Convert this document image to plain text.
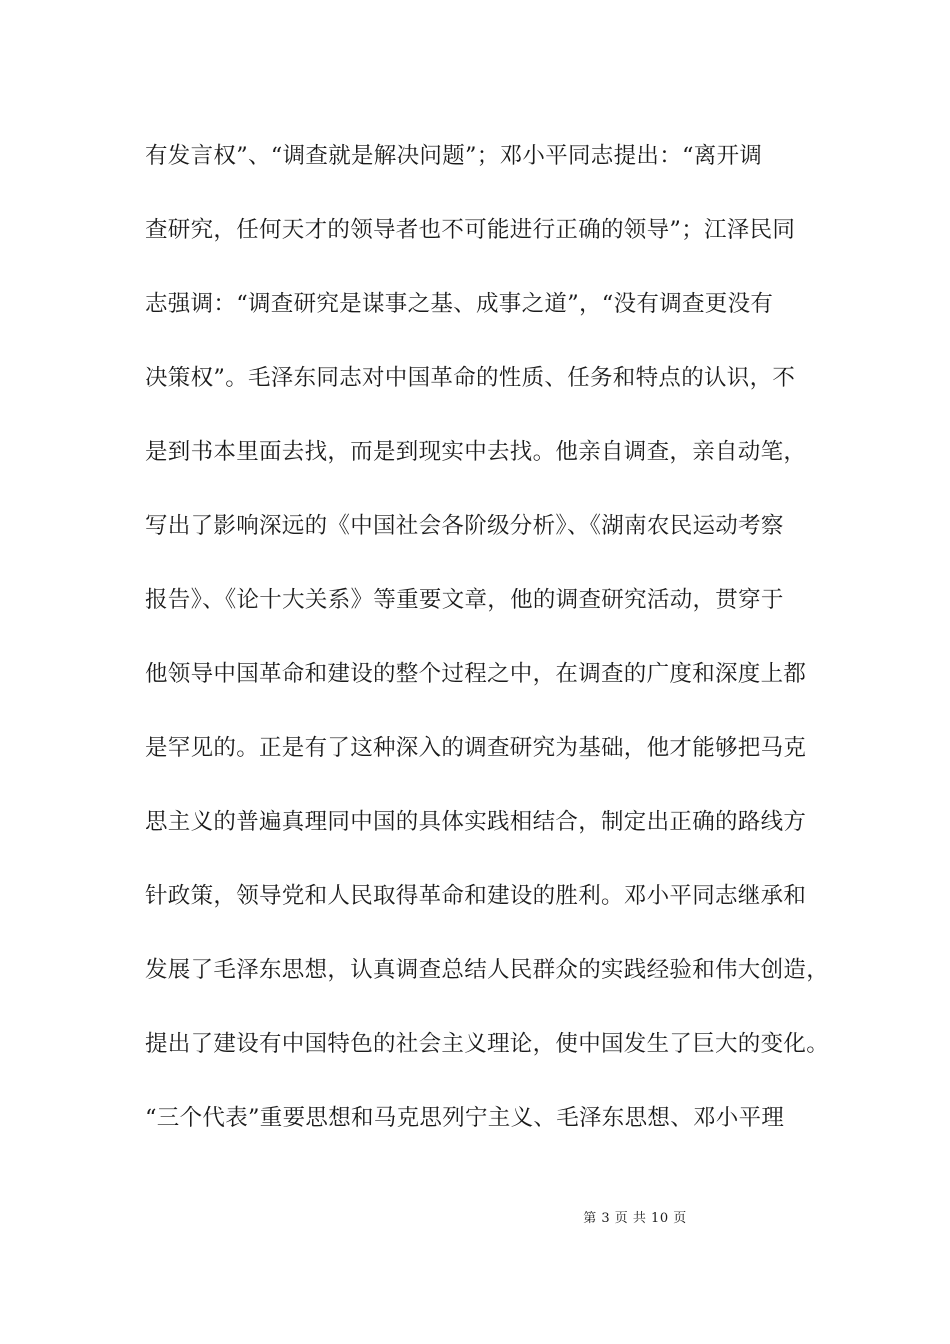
有发言权”、“调查就是解决问题”；邓小平同志提出：“离开调
查研究，任何天才的领导者也不可能进行正确的领导”；江泽民同
志强调：“调查研究是谋事之基、成事之道”，“没有调查更没有
决策权”。毛泽东同志对中国革命的性质、任务和特点的认识，不
是到书本里面去找，而是到现实中去找。他亲自调查，亲自动笔，
写出了影响深远的《中国社会各阶级分析》、《湖南农民运动考察
报告》、《论十大关系》等重要文章，他的调查研究活动，贯穿于
他领导中国革命和建设的整个过程之中，在调查的广度和深度上都
是罕见的。正是有了这种深入的调查研究为基础，他才能够把马克
思主义的普遍真理同中国的具体实践相结合，制定出正确的路线方
针政策，领导党和人民取得革命和建设的胜利。邓小平同志继承和
发展了毛泽东思想，认真调查总结人民群众的实践经验和伟大创造，
提出了建设有中国特色的社会主义理论，使中国发生了巨大的变化。
“三个代表”重要思想和马克思列宁主义、毛泽东思想、邓小平理
第 3 页 共 10 页
